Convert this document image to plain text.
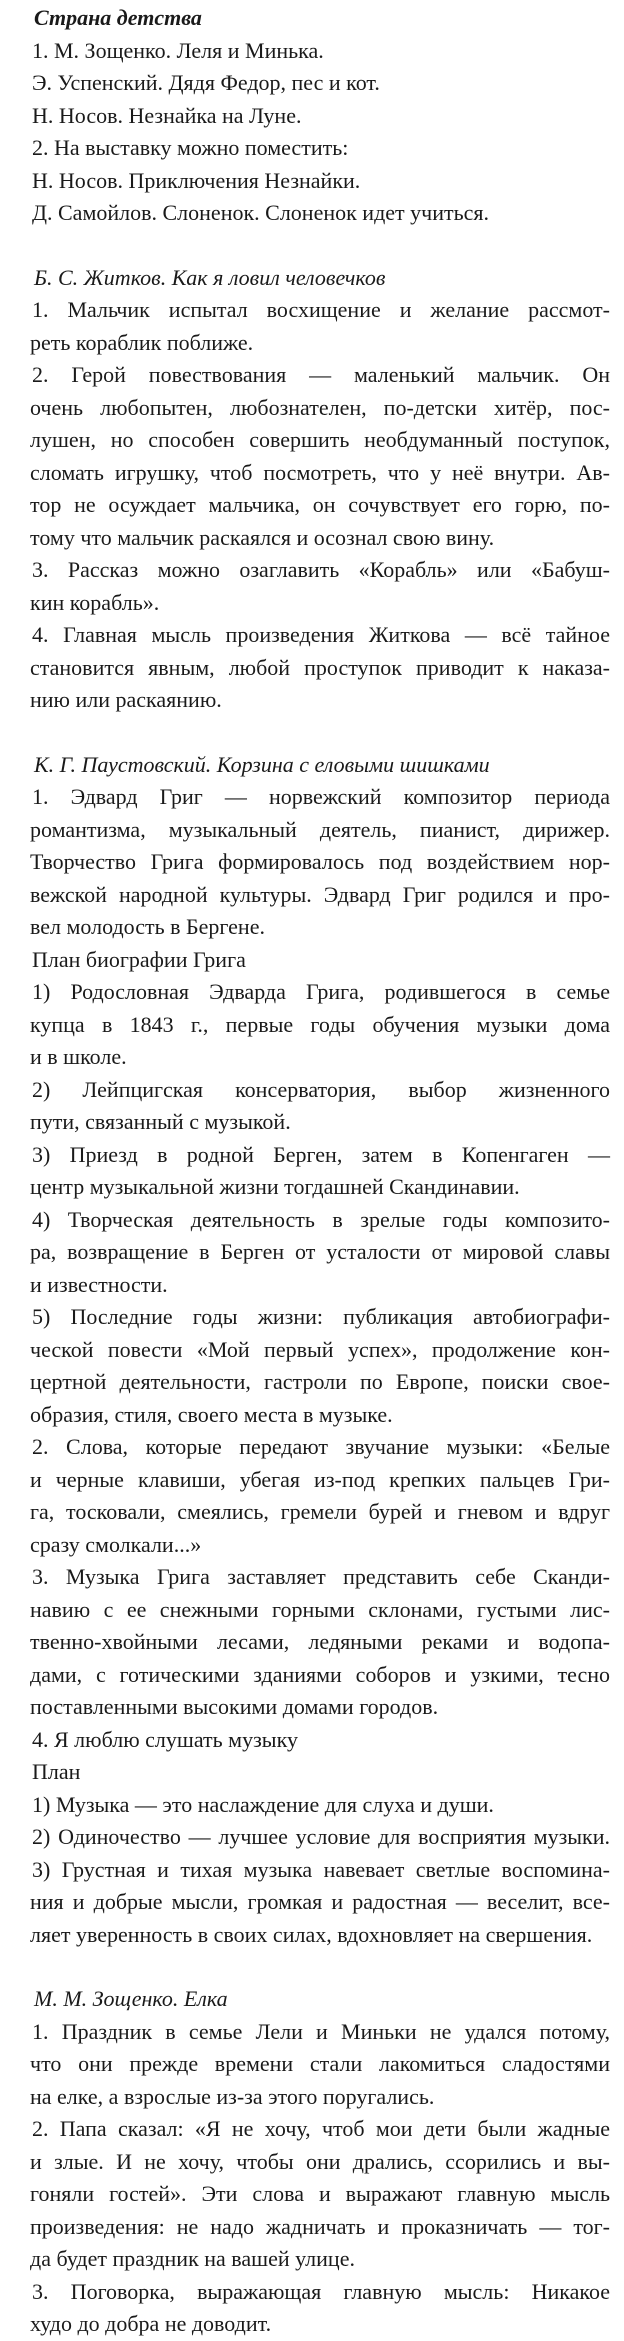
Страна детства
1. М. Зощенко. Леля и Минька.
Э. Успенский. Дядя Федор, пес и кот.
Н. Носов. Незнайка на Луне.
2. На выставку можно поместить:
Н. Носов. Приключения Незнайки.
Д. Самойлов. Слоненок. Слоненок идет учиться.
Б. С. Житков. Как я ловил человечков
1. Мальчик испытал восхищение и желание рассмот-
реть кораблик поближе.
2. Герой повествования — маленький мальчик. Он
очень любопытен, любознателен, по-детски хитёр, пос-
лушен, но способен совершить необдуманный поступок,
сломать игрушку, чтоб посмотреть, что у неё внутри. Ав-
тор не осуждает мальчика, он сочувствует его горю, по-
тому что мальчик раскаялся и осознал свою вину.
3. Рассказ можно озаглавить «Корабль» или «Бабуш-
кин корабль».
4. Главная мысль произведения Житкова — всё тайное
становится явным, любой проступок приводит к наказа-
нию или раскаянию.
К. Г. Паустовский. Корзина с еловыми шишками
1. Эдвард Григ — норвежский композитор периода
романтизма, музыкальный деятель, пианист, дирижер.
Творчество Грига формировалось под воздействием нор-
вежской народной культуры. Эдвард Григ родился и про-
вел молодость в Бергене.
План биографии Грига
1) Родословная Эдварда Грига, родившегося в семье
купца в 1843 г., первые годы обучения музыки дома
и в школе.
2) Лейпцигская консерватория, выбор жизненного
пути, связанный с музыкой.
3) Приезд в родной Берген, затем в Копенгаген —
центр музыкальной жизни тогдашней Скандинавии.
4) Творческая деятельность в зрелые годы композито-
ра, возвращение в Берген от усталости от мировой славы
и известности.
5) Последние годы жизни: публикация автобиографи-
ческой повести «Мой первый успех», продолжение кон-
цертной деятельности, гастроли по Европе, поиски свое-
образия, стиля, своего места в музыке.
2. Слова, которые передают звучание музыки: «Белые
и черные клавиши, убегая из-под крепких пальцев Гри-
га, тосковали, смеялись, гремели бурей и гневом и вдруг
сразу смолкали...»
3. Музыка Грига заставляет представить себе Сканди-
навию с ее снежными горными склонами, густыми лис-
твенно-хвойными лесами, ледяными реками и водопа-
дами, с готическими зданиями соборов и узкими, тесно
поставленными высокими домами городов.
4. Я люблю слушать музыку
План
1) Музыка — это наслаждение для слуха и души.
2) Одиночество — лучшее условие для восприятия музыки.
3) Грустная и тихая музыка навевает светлые воспомина-
ния и добрые мысли, громкая и радостная — веселит, все-
ляет уверенность в своих силах, вдохновляет на свершения.
М. М. Зощенко. Елка
1. Праздник в семье Лели и Миньки не удался потому,
что они прежде времени стали лакомиться сладостями
на елке, а взрослые из-за этого поругались.
2. Папа сказал: «Я не хочу, чтоб мои дети были жадные
и злые. И не хочу, чтобы они дрались, ссорились и вы-
гоняли гостей». Эти слова и выражают главную мысль
произведения: не надо жадничать и проказничать — тог-
да будет праздник на вашей улице.
3. Поговорка, выражающая главную мысль: Никакое
худо до добра не доводит.
